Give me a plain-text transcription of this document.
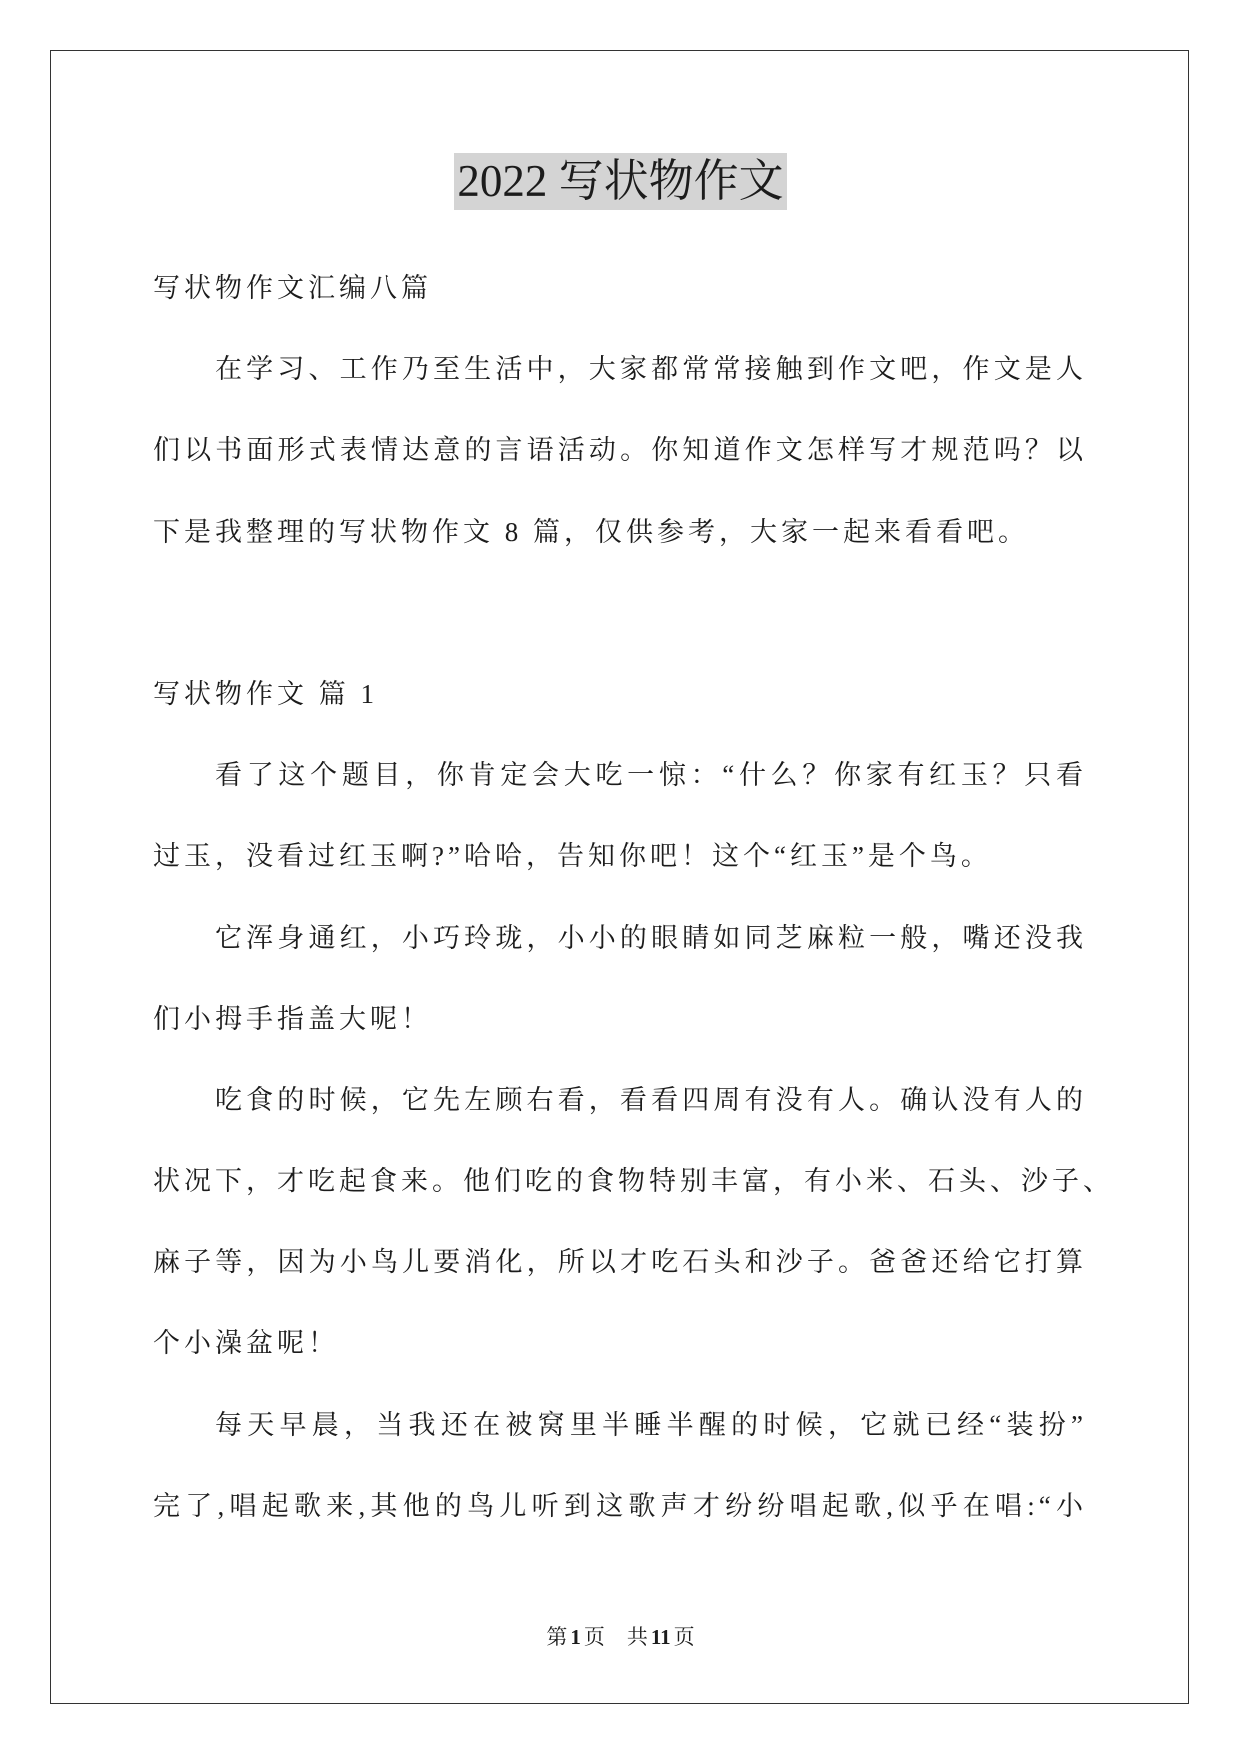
2022 写状物作文
写状物作文汇编八篇
在学习、工作乃至生活中，大家都常常接触到作文吧，作文是人
们以书面形式表情达意的言语活动。你知道作文怎样写才规范吗？以
下是我整理的写状物作文 8 篇，仅供参考，大家一起来看看吧。
写状物作文 篇 1
看了这个题目，你肯定会大吃一惊：“什么？你家有红玉？只看
过玉，没看过红玉啊?”哈哈，告知你吧！这个“红玉”是个鸟。
它浑身通红，小巧玲珑，小小的眼睛如同芝麻粒一般，嘴还没我
们小拇手指盖大呢！
吃食的时候，它先左顾右看，看看四周有没有人。确认没有人的
状况下，才吃起食来。他们吃的食物特别丰富，有小米、石头、沙子、
麻子等，因为小鸟儿要消化，所以才吃石头和沙子。爸爸还给它打算
个小澡盆呢！
每天早晨，当我还在被窝里半睡半醒的时候，它就已经“装扮”
完了,唱起歌来,其他的鸟儿听到这歌声才纷纷唱起歌,似乎在唱:“小
第 1 页 共 11 页
